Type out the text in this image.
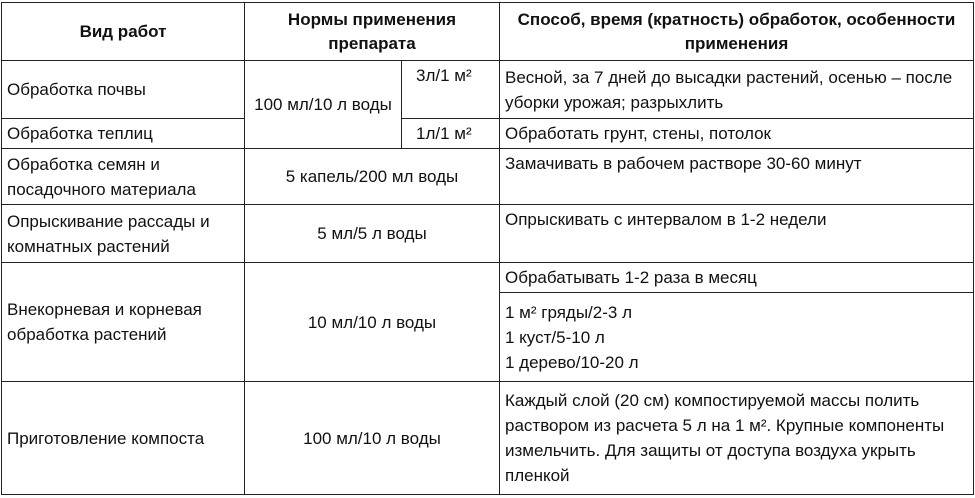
Вид работ	Нормы применения препарата		Способ, время (кратность) обработок, особенности применения
Обработка почвы	100 мл/10 л воды	3л/1 м²	Весной, за 7 дней до высадки растений, осенью – после уборки урожая; разрыхлить
Обработка теплиц		1л/1 м²	Обработать грунт, стены, потолок
Обработка семян и посадочного материала	5 капель/200 мл воды		Замачивать в рабочем растворе 30-60 минут
Опрыскивание рассады и комнатных растений	5 мл/5 л воды		Опрыскивать с интервалом в 1-2 недели
Внекорневая и корневая обработка растений	10 мл/10 л воды		Обрабатывать 1-2 раза в месяц

			1 м² гряды/2-3 л
1 куст/5-10 л
1 дерево/10-20 л

Приготовление компоста	100 мл/10 л воды		Каждый слой (20 см) компостируемой массы полить раствором из расчета 5 л на 1 м². Крупные компоненты измельчить. Для защиты от доступа воздуха укрыть пленкой
